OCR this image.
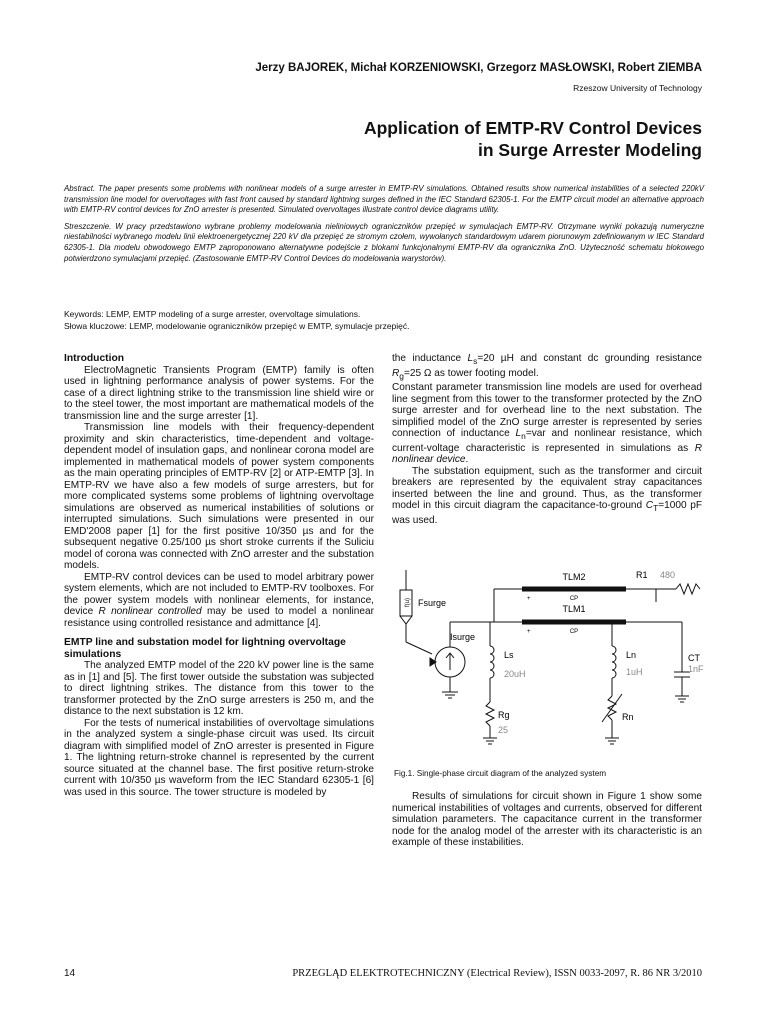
Jerzy BAJOREK, Michał KORZENIOWSKI, Grzegorz MASŁOWSKI, Robert ZIEMBA
Rzeszow University of Technology
Application of EMTP-RV Control Devices
in Surge Arrester Modeling
Abstract. The paper presents some problems with nonlinear models of a surge arrester in EMTP-RV simulations. Obtained results show numerical instabilities of a selected 220kV transmission line model for overvoltages with fast front caused by standard lightning surges defined in the IEC Standard 62305-1. For the EMTP circuit model an alternative approach with EMTP-RV control devices for ZnO arrester is presented. Simulated overvoltages illustrate control device diagrams utility.
Streszczenie. W pracy przedstawiono wybrane problemy modelowania nieliniowych ograniczników przepięć w symulacjach EMTP-RV. Otrzymane wyniki pokazują numeryczne niestabilności wybranego modelu linii elektroenergetycznej 220 kV dla przepięć ze stromym czołem, wywołanych standardowym udarem piorunowym zdefiniowanym w IEC Standard 62305-1. Dla modelu obwodowego EMTP zaproponowano alternatywne podejście z blokami funkcjonalnymi EMTP-RV dla ogranicznika ZnO. Użyteczność schematu blokowego potwierdzono symulacjami przepięć. (Zastosowanie EMTP-RV Control Devices do modelowania warystorów).
Keywords: LEMP, EMTP modeling of a surge arrester, overvoltage simulations.
Słowa kluczowe: LEMP, modelowanie ograniczników przepięć w EMTP, symulacje przepięć.
Introduction

ElectroMagnetic Transients Program (EMTP) family is often used in lightning performance analysis of power systems. For the case of a direct lightning strike to the transmission line shield wire or to the steel tower, the most important are mathematical models of the transmission line and the surge arrester [1].

Transmission line models with their frequency-dependent proximity and skin characteristics, time-dependent and voltage-dependent model of insulation gaps, and nonlinear corona model are implemented in mathematical models of power system components as the main operating principles of EMTP-RV [2] or ATP-EMTP [3]. In EMTP-RV we have also a few models of surge arresters, but for more complicated systems some problems of lightning overvoltage simulations are observed as numerical instabilities of solutions or interrupted simulations. Such simulations were presented in our EMD'2008 paper [1] for the first positive 10/350 µs and for the subsequent negative 0.25/100 µs short stroke currents if the Suliciu model of corona was connected with ZnO arrester and the substation models.

EMTP-RV control devices can be used to model arbitrary power system elements, which are not included to EMTP-RV toolboxes. For the power system models with nonlinear elements, for instance, device R nonlinear controlled may be used to model a nonlinear resistance using controlled resistance and admittance [4].

EMTP line and substation model for lightning overvoltage simulations

The analyzed EMTP model of the 220 kV power line is the same as in [1] and [5]. The first tower outside the substation was subjected to direct lightning strikes. The distance from this tower to the transformer protected by the ZnO surge arresters is 250 m, and the distance to the next substation is 12 km.

For the tests of numerical instabilities of overvoltage simulations in the analyzed system a single-phase circuit was used. Its circuit diagram with simplified model of ZnO arrester is presented in Figure 1. The lightning return-stroke channel is represented by the current source situated at the channel base. The first positive return-stroke current with 10/350 µs waveform from the IEC Standard 62305-1 [6] was used in this source. The tower structure is modeled by

the inductance $L_s=20$ µH and constant dc grounding resistance $R_g=25$ Ω as tower footing model.

Constant parameter transmission line models are used for overhead line segment from this tower to the transformer protected by the ZnO surge arrester and for overhead line to the next substation. The simplified model of the ZnO surge arrester is represented by series connection of inductance $L_n=var$ and nonlinear resistance, which current-voltage characteristic is represented in simulations as R nonlinear device.

The substation equipment, such as the transformer and circuit breakers are represented by the equivalent stray capacitances inserted between the line and ground. Thus, as the transformer model in this circuit diagram the capacitance-to-ground $C_T=1000$ pF was used.

TLM2
TLM1
CP
CP
+
+
R1 480
Fsurge
f(u)
Isurge
Ls
20uH
Rg
25
Ln
1uH
Rn
CT
1nF
Fig.1. Single-phase circuit diagram of the analyzed system

Results of simulations for circuit shown in Figure 1 show some numerical instabilities of voltages and currents, observed for different simulation parameters. The capacitance current in the transformer node for the analog model of the arrester with its characteristic is an example of these instabilities.

14	PRZEGLĄD ELEKTROTECHNICZNY (Electrical Review), ISSN 0033-2097, R. 86 NR 3/2010
